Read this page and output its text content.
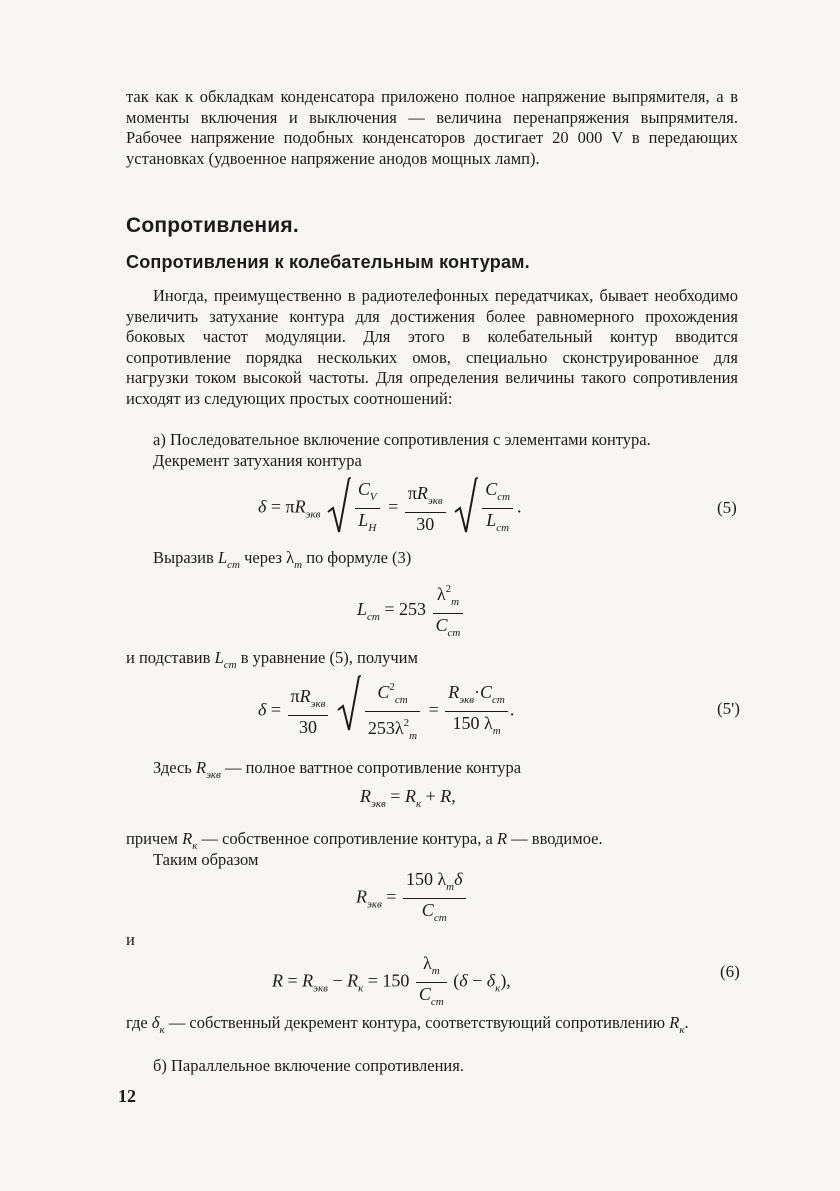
так как к обкладкам конденсатора приложено полное напряжение выпрямителя, а в моменты включения и выключения — величина перенапряжения выпрямителя. Рабочее напряжение подобных конденсаторов достигает 20 000 V в передающих установках (удвоенное напряжение анодов мощных ламп).

Сопротивления.
Сопротивления к колебательным контурам.

Иногда, преимущественно в радиотелефонных передатчиках, бывает необходимо увеличить затухание контура для достижения более равномерного прохождения боковых частот модуляции. Для этого в колебательный контур вводится сопротивление порядка нескольких омов, специально сконструированное для нагрузки током высокой частоты. Для определения величины такого сопротивления исходят из следующих простых соотношений:

а) Последовательное включение сопротивления с элементами контура.

Декремент затухания контура

$\delta = \pi R_{экв} \frac{C_V}{L_Н} = \frac{\pi R_{экв}}{30}$
$\frac{C_{cm}}{L_{cm}}$ .	(5)
Выразив $L_{cm}$ через $\lambda_m$ по формуле (3)
$L_{cm} = 253 \frac{\lambda^2_m}{C_{cm}}$
и подставив $L_{cm}$ в уравнение (5), получим
$\delta = \frac{\pi R_{экв}}{30}$
$\frac{C^2_{cm}}{253\lambda^2_m} = \frac{R_{экв}\cdot C_{cm}}{150 \lambda_m}$ .	(5')
Здесь $R_{экв}$ — полное ваттное сопротивление контура
$R_{экв} = R_к + R$,
причем $R_к$ — собственное сопротивление контура, а R — вводимое.
Таким образом
$R_{экв} = \frac{150 \lambda_m\delta}{C_{cm}}$
и
$R = R_{экв} - R_к = 150 \frac{\lambda_m}{C_{cm}} (\delta - \delta_к)$,	(6)
где $\delta_к$ — собственный декремент контура, соответствующий сопротивлению $R_к$.
б) Параллельное включение сопротивления.
12
